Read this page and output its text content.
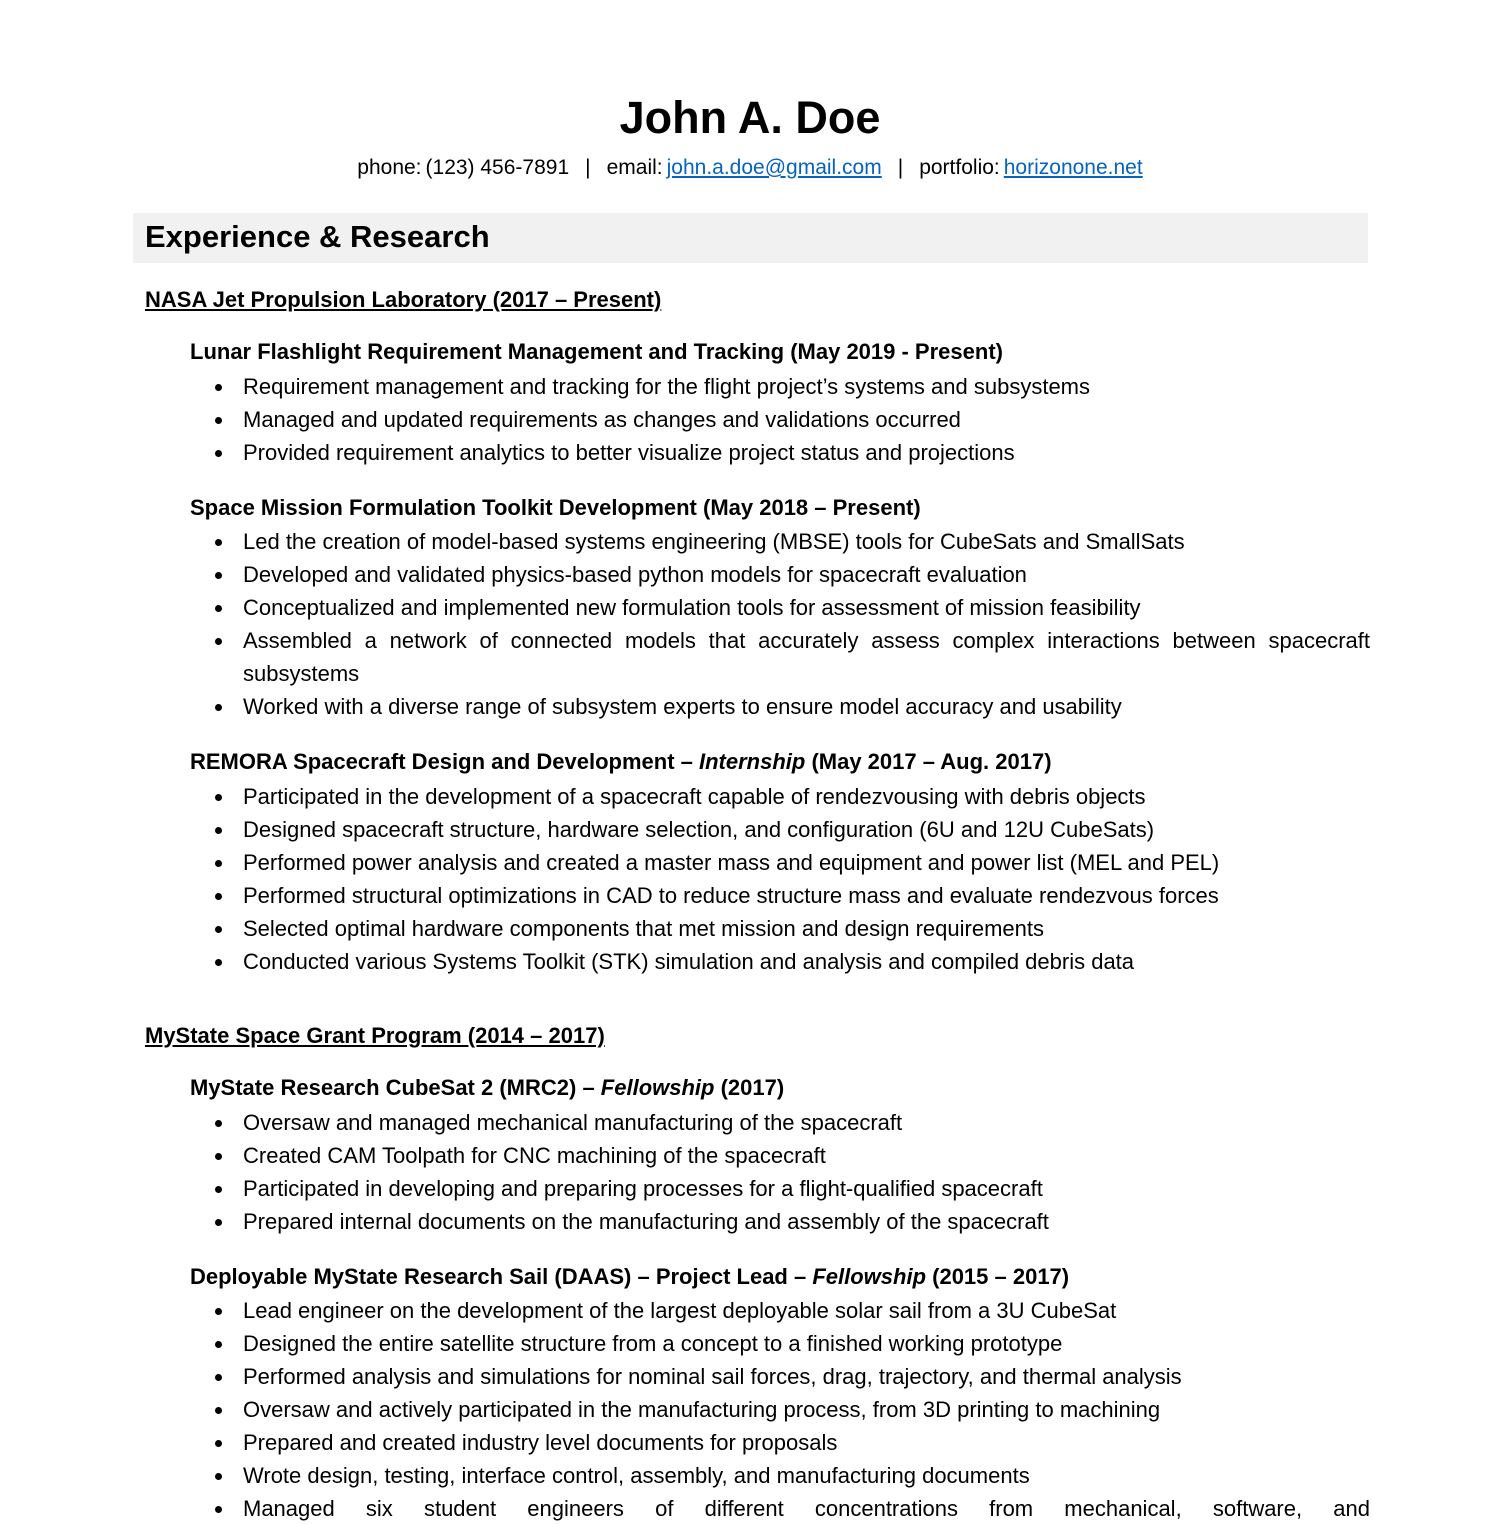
John A. Doe

phone: (123) 456-7891 | email: john.a.doe@gmail.com | portfolio: horizonone.net

Experience & Research
NASA Jet Propulsion Laboratory (2017 – Present)
Lunar Flashlight Requirement Management and Tracking (May 2019 - Present)
• Requirement management and tracking for the flight project’s systems and subsystems
• Managed and updated requirements as changes and validations occurred
• Provided requirement analytics to better visualize project status and projections
Space Mission Formulation Toolkit Development (May 2018 – Present)
• Led the creation of model-based systems engineering (MBSE) tools for CubeSats and SmallSats
• Developed and validated physics-based python models for spacecraft evaluation
• Conceptualized and implemented new formulation tools for assessment of mission feasibility
• Assembled a network of connected models that accurately assess complex interactions between spacecraft subsystems
• Worked with a diverse range of subsystem experts to ensure model accuracy and usability
REMORA Spacecraft Design and Development – Internship (May 2017 – Aug. 2017)
• Participated in the development of a spacecraft capable of rendezvousing with debris objects
• Designed spacecraft structure, hardware selection, and configuration (6U and 12U CubeSats)
• Performed power analysis and created a master mass and equipment and power list (MEL and PEL)
• Performed structural optimizations in CAD to reduce structure mass and evaluate rendezvous forces
• Selected optimal hardware components that met mission and design requirements
• Conducted various Systems Toolkit (STK) simulation and analysis and compiled debris data
MyState Space Grant Program (2014 – 2017)
MyState Research CubeSat 2 (MRC2) – Fellowship (2017)
• Oversaw and managed mechanical manufacturing of the spacecraft
• Created CAM Toolpath for CNC machining of the spacecraft
• Participated in developing and preparing processes for a flight-qualified spacecraft
• Prepared internal documents on the manufacturing and assembly of the spacecraft
Deployable MyState Research Sail (DAAS) – Project Lead – Fellowship (2015 – 2017)
• Lead engineer on the development of the largest deployable solar sail from a 3U CubeSat
• Designed the entire satellite structure from a concept to a finished working prototype
• Performed analysis and simulations for nominal sail forces, drag, trajectory, and thermal analysis
• Oversaw and actively participated in the manufacturing process, from 3D printing to machining
• Prepared and created industry level documents for proposals
• Wrote design, testing, interface control, assembly, and manufacturing documents
• Managed six student engineers of different concentrations from mechanical, software, and
